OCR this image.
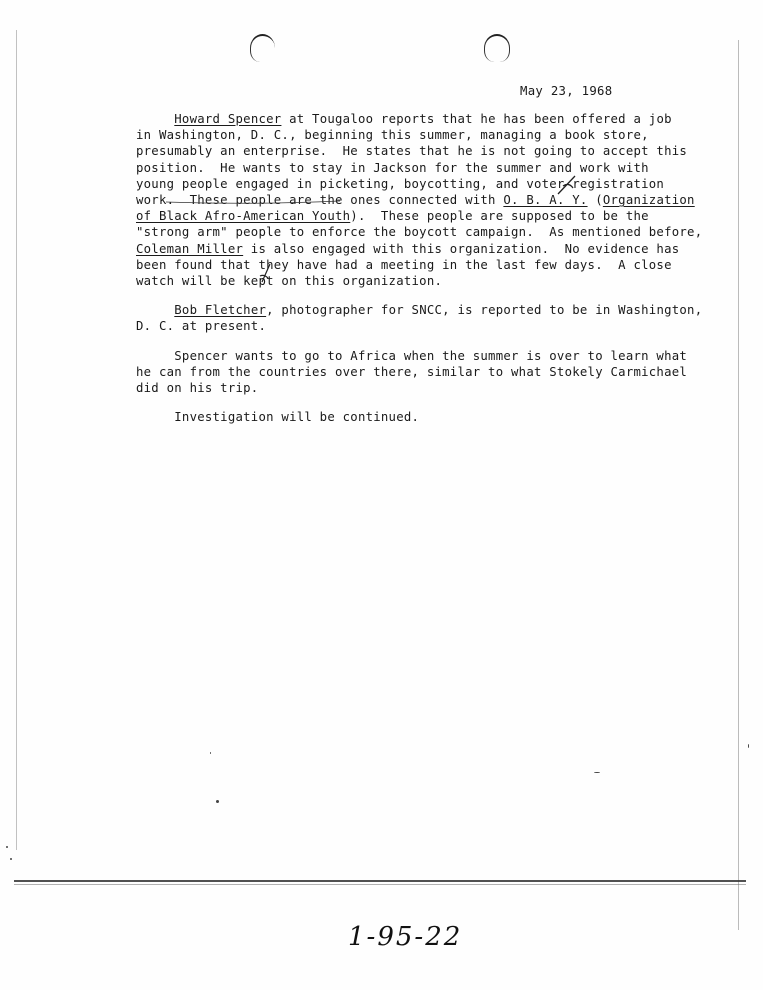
May 23, 1968
Howard Spencer at Tougaloo reports that he has been offered a job
in Washington, D. C., beginning this summer, managing a book store,
presumably an enterprise.  He states that he is not going to accept this
position.  He wants to stay in Jackson for the summer and work with
young people engaged in picketing, boycotting, and voter registration
work.  These people are the ones connected with O. B. A. Y. (Organization
of Black Afro-American Youth).  These people are supposed to be the
"strong arm" people to enforce the boycott campaign.  As mentioned before,
Coleman Miller is also engaged with this organization.  No evidence has
been found that they have had a meeting in the last few days.  A close
watch will be kept on this organization.
Bob Fletcher, photographer for SNCC, is reported to be in Washington,
D. C. at present.
Spencer wants to go to Africa when the summer is over to learn what
he can from the countries over there, similar to what Stokely Carmichael
did on his trip.
Investigation will be continued.
1-95-22
